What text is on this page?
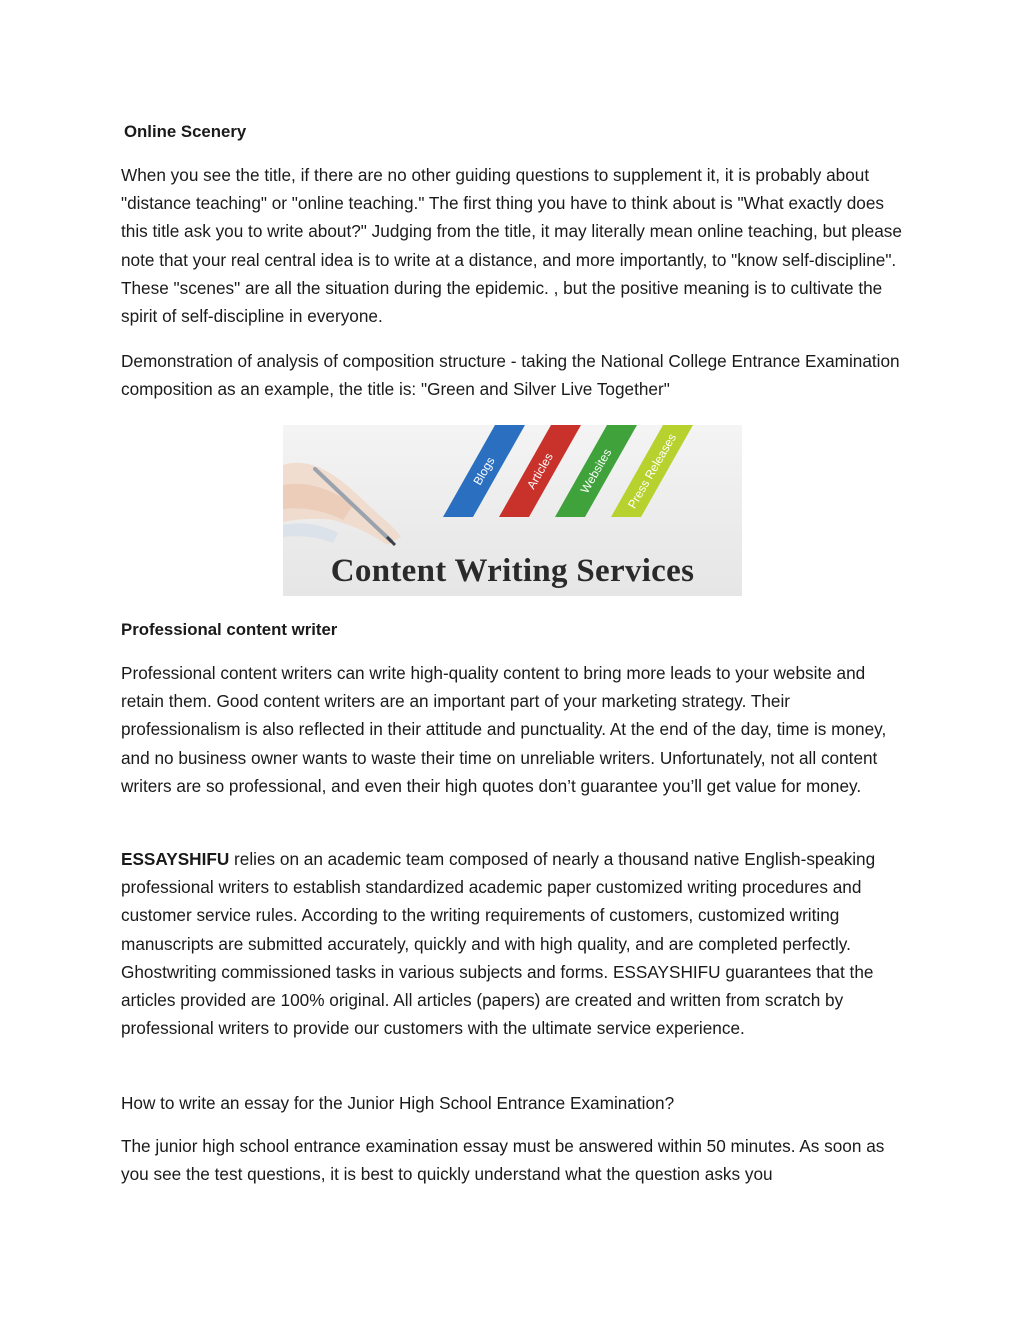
Online Scenery
When you see the title, if there are no other guiding questions to supplement it, it is probably about "distance teaching" or "online teaching." The first thing you have to think about is "What exactly does this title ask you to write about?" Judging from the title, it may literally mean online teaching, but please note that your real central idea is to write at a distance, and more importantly, to "know self-discipline". These "scenes" are all the situation during the epidemic. , but the positive meaning is to cultivate the spirit of self-discipline in everyone.
Demonstration of analysis of composition structure - taking the National College Entrance Examination composition as an example, the title is: "Green and Silver Live Together"
Blogs Articles Websites Press Releases
Content Writing Services
Professional content writer
Professional content writers can write high-quality content to bring more leads to your website and retain them. Good content writers are an important part of your marketing strategy. Their professionalism is also reflected in their attitude and punctuality. At the end of the day, time is money, and no business owner wants to waste their time on unreliable writers. Unfortunately, not all content writers are so professional, and even their high quotes don’t guarantee you’ll get value for money.
ESSAYSHIFU relies on an academic team composed of nearly a thousand native English-speaking professional writers to establish standardized academic paper customized writing procedures and customer service rules. According to the writing requirements of customers, customized writing manuscripts are submitted accurately, quickly and with high quality, and are completed perfectly. Ghostwriting commissioned tasks in various subjects and forms. ESSAYSHIFU guarantees that the articles provided are 100% original. All articles (papers) are created and written from scratch by professional writers to provide our customers with the ultimate service experience.
How to write an essay for the Junior High School Entrance Examination?
The junior high school entrance examination essay must be answered within 50 minutes. As soon as you see the test questions, it is best to quickly understand what the question asks you
